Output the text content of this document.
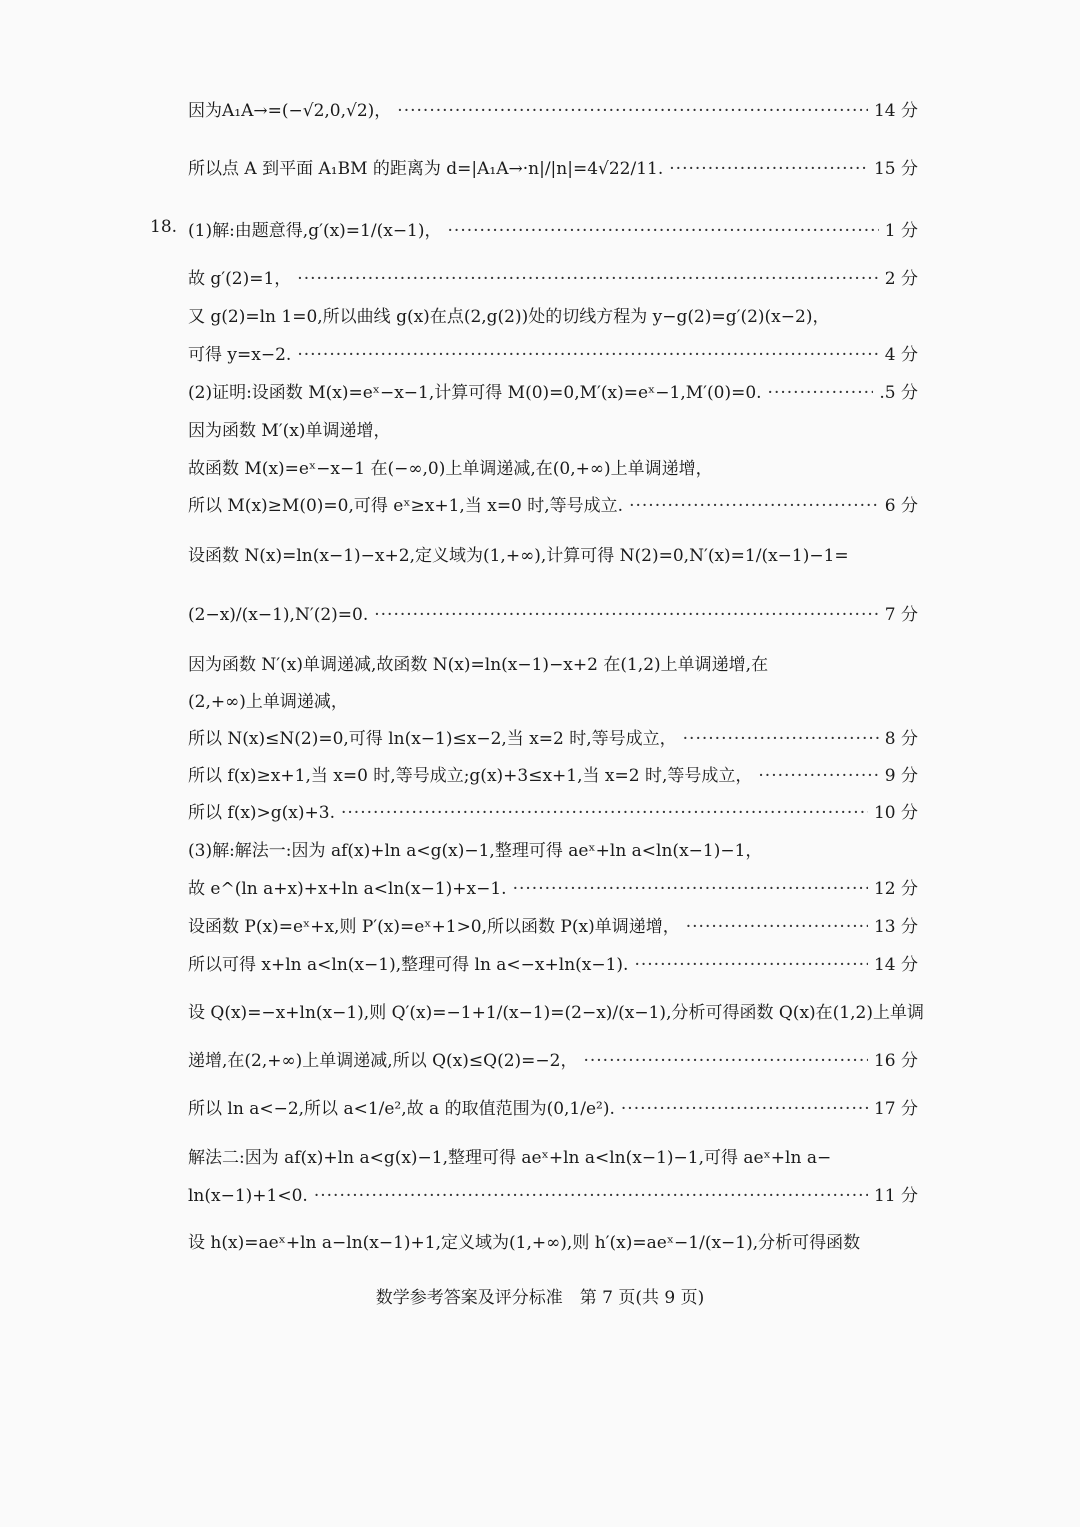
因为A₁A→=(−√2,0,√2)， ·····	14 分
所以点 A 到平面 A₁BM 的距离为 d=|A₁A→·n|/|n|=4√22/11. ·····	15 分
18. (1)解:由题意得,g′(x)=1/(x−1)， ·····	1 分
故 g′(2)=1， ·····	2 分
又 g(2)=ln 1=0,所以曲线 g(x)在点(2,g(2))处的切线方程为 y−g(2)=g′(2)(x−2)，
可得 y=x−2. ·····	4 分
(2)证明:设函数 M(x)=eˣ−x−1,计算可得 M(0)=0,M′(x)=eˣ−1,M′(0)=0. ·····	.5 分
因为函数 M′(x)单调递增，
故函数 M(x)=eˣ−x−1 在(−∞,0)上单调递减,在(0,+∞)上单调递增，
所以 M(x)≥M(0)=0,可得 eˣ≥x+1,当 x=0 时,等号成立. ·····	6 分
设函数 N(x)=ln(x−1)−x+2,定义域为(1,+∞),计算可得 N(2)=0,N′(x)=1/(x−1)−1=
(2−x)/(x−1),N′(2)=0. ·····	7 分
因为函数 N′(x)单调递减,故函数 N(x)=ln(x−1)−x+2 在(1,2)上单调递增,在
(2,+∞)上单调递减，
所以 N(x)≤N(2)=0,可得 ln(x−1)≤x−2,当 x=2 时,等号成立， ·····	8 分
所以 f(x)≥x+1,当 x=0 时,等号成立;g(x)+3≤x+1,当 x=2 时,等号成立， ·····	9 分
所以 f(x)>g(x)+3. ·····	10 分
(3)解:解法一:因为 af(x)+ln a<g(x)−1,整理可得 aeˣ+ln a<ln(x−1)−1，
故 e^(ln a+x)+x+ln a<ln(x−1)+x−1. ·····	12 分
设函数 P(x)=eˣ+x,则 P′(x)=eˣ+1>0,所以函数 P(x)单调递增， ·····	13 分
所以可得 x+ln a<ln(x−1),整理可得 ln a<−x+ln(x−1). ·····	14 分
设 Q(x)=−x+ln(x−1),则 Q′(x)=−1+1/(x−1)=(2−x)/(x−1),分析可得函数 Q(x)在(1,2)上单调
递增,在(2,+∞)上单调递减,所以 Q(x)≤Q(2)=−2， ·····	16 分
所以 ln a<−2,所以 a<1/e²,故 a 的取值范围为(0,1/e²). ·····	17 分
解法二:因为 af(x)+ln a<g(x)−1,整理可得 aeˣ+ln a<ln(x−1)−1,可得 aeˣ+ln a−
ln(x−1)+1<0. ·····	11 分
设 h(x)=aeˣ+ln a−ln(x−1)+1,定义域为(1,+∞),则 h′(x)=aeˣ−1/(x−1),分析可得函数
数学参考答案及评分标准　第 7 页(共 9 页)
